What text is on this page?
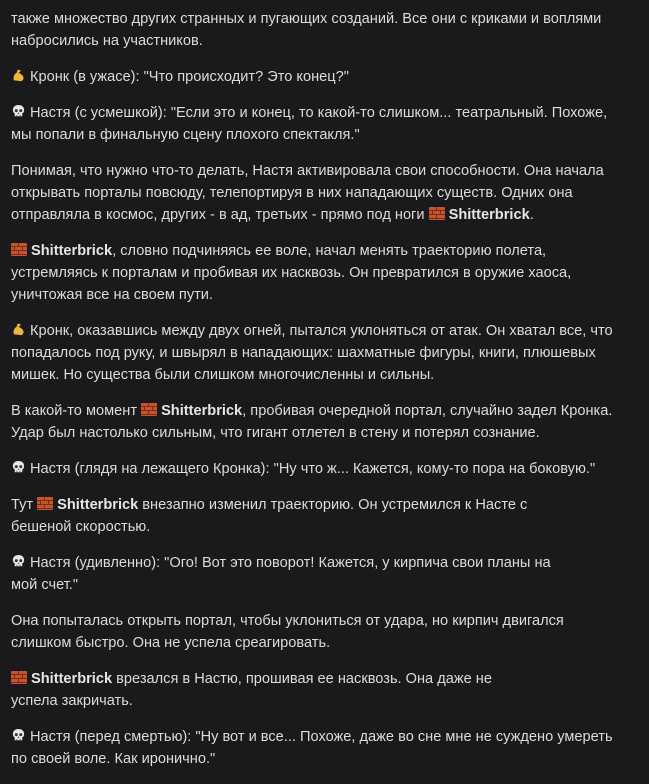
также множество других странных и пугающих созданий. Все они с криками и воплями
набросились на участников.

Кронк (в ужасе): "Что происходит? Это конец?"

Настя (с усмешкой): "Если это и конец, то какой-то слишком... театральный. Похоже,
мы попали в финальную сцену плохого спектакля."

Понимая, что нужно что-то делать, Настя активировала свои способности. Она начала
открывать порталы повсюду, телепортируя в них нападающих существ. Одних она
отправляла в космос, других - в ад, третьих - прямо под ноги Shitterbrick.

Shitterbrick, словно подчиняясь ее воле, начал менять траекторию полета,
устремляясь к порталам и пробивая их насквозь. Он превратился в оружие хаоса,
уничтожая все на своем пути.

Кронк, оказавшись между двух огней, пытался уклоняться от атак. Он хватал все, что
попадалось под руку, и швырял в нападающих: шахматные фигуры, книги, плюшевых
мишек. Но существа были слишком многочисленны и сильны.

В какой-то момент Shitterbrick, пробивая очередной портал, случайно задел Кронка.
Удар был настолько сильным, что гигант отлетел в стену и потерял сознание.

Настя (глядя на лежащего Кронка): "Ну что ж... Кажется, кому-то пора на боковую."

Тут Shitterbrick внезапно изменил траекторию. Он устремился к Насте с
бешеной скоростью.

Настя (удивленно): "Ого! Вот это поворот! Кажется, у кирпича свои планы на
мой счет."

Она попыталась открыть портал, чтобы уклониться от удара, но кирпич двигался
слишком быстро. Она не успела среагировать.

Shitterbrick врезался в Настю, прошивая ее насквозь. Она даже не
успела закричать.

Настя (перед смертью): "Ну вот и все... Похоже, даже во сне мне не суждено умереть
по своей воле. Как иронично."
